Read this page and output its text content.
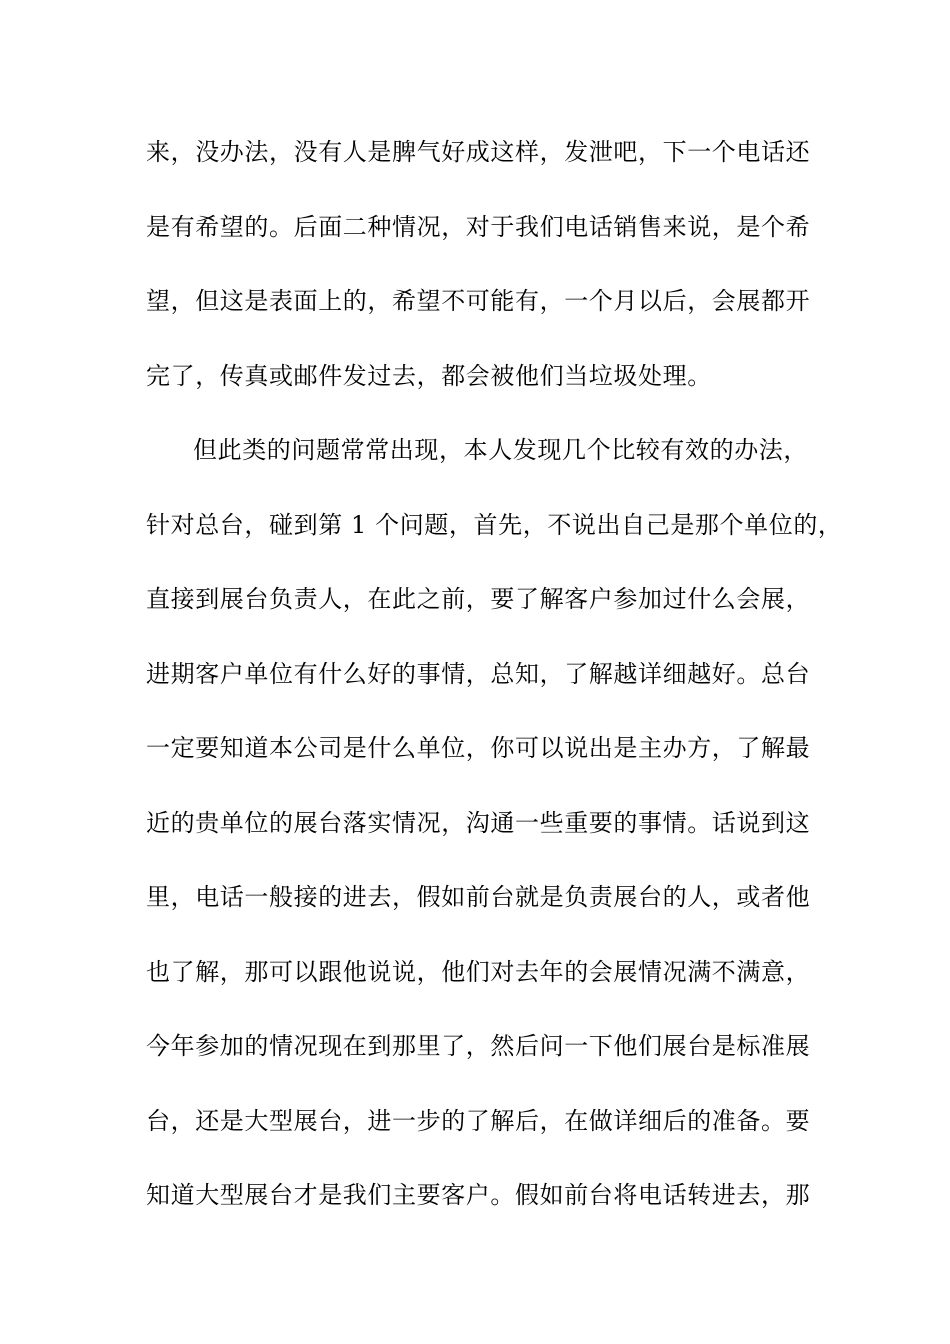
来，没办法，没有人是脾气好成这样，发泄吧，下一个电话还
是有希望的。后面二种情况，对于我们电话销售来说，是个希
望，但这是表面上的，希望不可能有，一个月以后，会展都开
完了，传真或邮件发过去，都会被他们当垃圾处理。
但此类的问题常常出现，本人发现几个比较有效的办法，
针对总台，碰到第 1 个问题，首先，不说出自己是那个单位的，
直接到展台负责人，在此之前，要了解客户参加过什么会展，
进期客户单位有什么好的事情，总知，了解越详细越好。总台
一定要知道本公司是什么单位，你可以说出是主办方，了解最
近的贵单位的展台落实情况，沟通一些重要的事情。话说到这
里，电话一般接的进去，假如前台就是负责展台的人，或者他
也了解，那可以跟他说说，他们对去年的会展情况满不满意，
今年参加的情况现在到那里了，然后问一下他们展台是标准展
台，还是大型展台，进一步的了解后，在做详细后的准备。要
知道大型展台才是我们主要客户。假如前台将电话转进去，那
